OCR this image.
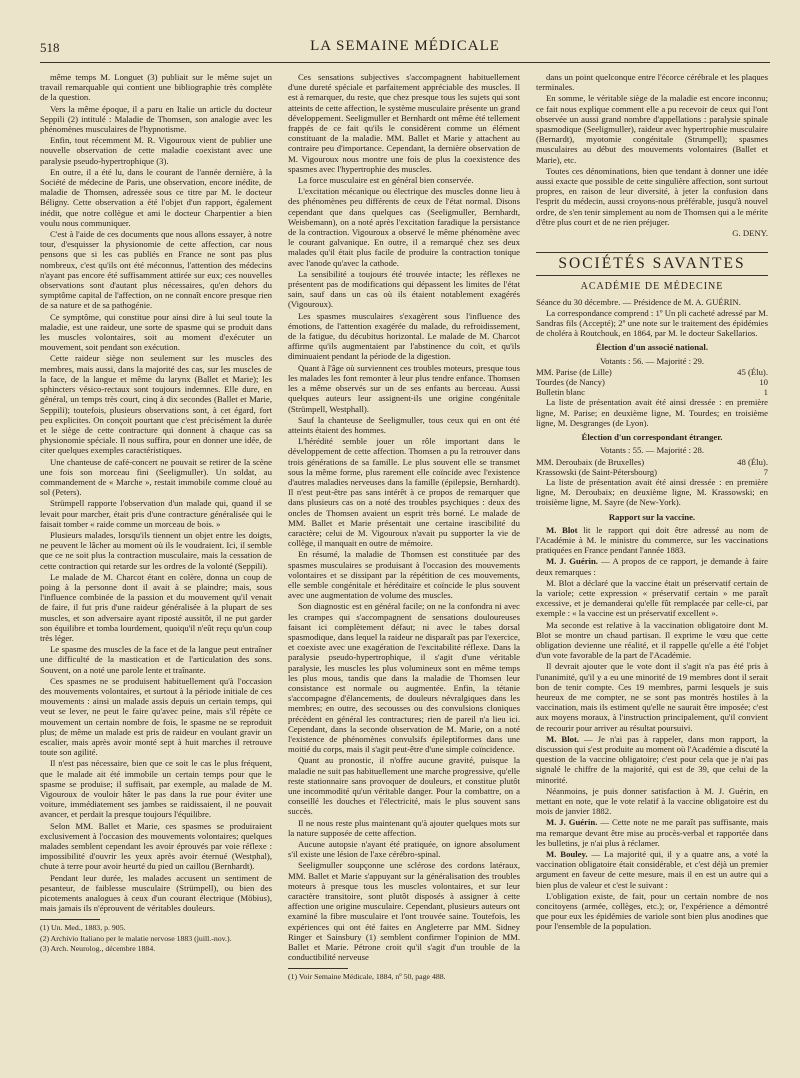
518	LA SEMAINE MÉDICALE

même temps M. Longuet (3) publiait sur le même sujet un travail remarquable qui contient une bibliographie très complète de la question.

Vers la même époque, il a paru en Italie un article du docteur Seppili (2) intitulé : Maladie de Thomsen, son analogie avec les phénomènes musculaires de l'hypnotisme.

Enfin, tout récemment M. R. Vigouroux vient de publier une nouvelle observation de cette maladie coexistant avec une paralysie pseudo-hypertrophique (3).

En outre, il a été lu, dans le courant de l'année dernière, à la Société de médecine de Paris, une observation, encore inédite, de maladie de Thomsen, adressée sous ce titre par M. le docteur Béligny. Cette observation a été l'objet d'un rapport, également inédit, que notre collègue et ami le docteur Charpentier a bien voulu nous communiquer.

C'est à l'aide de ces documents que nous allons essayer, à notre tour, d'esquisser la physionomie de cette affection, car nous pensons que si les cas publiés en France ne sont pas plus nombreux, c'est qu'ils ont été méconnus, l'attention des médecins n'ayant pas encore été suffisamment attirée sur eux; ces nouvelles observations sont d'autant plus nécessaires, qu'en dehors du symptôme capital de l'affection, on ne connaît encore presque rien de sa nature et de sa pathogénie.

Ce symptôme, qui constitue pour ainsi dire à lui seul toute la maladie, est une raideur, une sorte de spasme qui se produit dans les muscles volontaires, soit au moment d'exécuter un mouvement, soit pendant son exécution.

Cette raideur siège non seulement sur les muscles des membres, mais aussi, dans la majorité des cas, sur les muscles de la face, de la langue et même du larynx (Ballet et Marie); les sphincters vésico-rectaux sont toujours indemnes. Elle dure, en général, un temps très court, cinq à dix secondes (Ballet et Marie, Seppili); toutefois, plusieurs observations sont, à cet égard, fort peu explicites. On conçoit pourtant que c'est précisément la durée et le siège de cette contracture qui donnent à chaque cas sa physionomie spéciale. Il nous suffira, pour en donner une idée, de citer quelques exemples caractéristiques.

Une chanteuse de café-concert ne pouvait se retirer de la scène une fois son morceau fini (Seeligmuller). Un soldat, au commandement de « Marche », restait immobile comme cloué au sol (Peters).

Strümpell rapporte l'observation d'un malade qui, quand il se levait pour marcher, était pris d'une contracture généralisée qui le faisait tomber « raide comme un morceau de bois. »

Plusieurs malades, lorsqu'ils tiennent un objet entre les doigts, ne peuvent le lâcher au moment où ils le voudraient. Ici, il semble que ce ne soit plus la contraction musculaire, mais la cessation de cette contraction qui retarde sur les ordres de la volonté (Seppili).

Le malade de M. Charcot étant en colère, donna un coup de poing à la personne dont il avait à se plaindre; mais, sous l'influence combinée de la passion et du mouvement qu'il venait de faire, il fut pris d'une raideur généralisée à la plupart de ses muscles, et son adversaire ayant riposté aussitôt, il ne put garder son équilibre et tomba lourdement, quoiqu'il n'eût reçu qu'un coup très léger.

Le spasme des muscles de la face et de la langue peut entraîner une difficulté de la mastication et de l'articulation des sons. Souvent, on a noté une parole lente et traînante.

Ces spasmes ne se produisent habituellement qu'à l'occasion des mouvements volontaires, et surtout à la période initiale de ces mouvements : ainsi un malade assis depuis un certain temps, qui veut se lever, ne peut le faire qu'avec peine, mais s'il répète ce mouvement un certain nombre de fois, le spasme ne se reproduit plus; de même un malade est pris de raideur en voulant gravir un escalier, mais après avoir monté sept à huit marches il retrouve toute son agilité.

Il n'est pas nécessaire, bien que ce soit le cas le plus fréquent, que le malade ait été immobile un certain temps pour que le spasme se produise; il suffisait, par exemple, au malade de M. Vigouroux de vouloir hâter le pas dans la rue pour éviter une voiture, immédiatement ses jambes se raidissaient, il ne pouvait avancer, et perdait la presque toujours l'équilibre.

Selon MM. Ballet et Marie, ces spasmes se produiraient exclusivement à l'occasion des mouvements volontaires; quelques malades semblent cependant les avoir éprouvés par voie réflexe : impossibilité d'ouvrir les yeux après avoir éternué (Westphal), chute à terre pour avoir heurté du pied un caillou (Bernhardt).

Pendant leur durée, les malades accusent un sentiment de pesanteur, de faiblesse musculaire (Strümpell), ou bien des picotements analogues à ceux d'un courant électrique (Möbius), mais jamais ils n'éprouvent de véritables douleurs.

(1) Un. Med., 1883, p. 905.

(2) Archivio Italiano per le malatie nervose 1883 (juill.-nov.).

(3) Arch. Neurolog., décembre 1884.

Ces sensations subjectives s'accompagnent habituellement d'une dureté spéciale et parfaitement appréciable des muscles. Il est à remarquer, du reste, que chez presque tous les sujets qui sont atteints de cette affection, le système musculaire présente un grand développement. Seeligmuller et Bernhardt ont même été tellement frappés de ce fait qu'ils le considèrent comme un élément constituant de la maladie. MM. Ballet et Marie y attachent au contraire peu d'importance. Cependant, la dernière observation de M. Vigouroux nous montre une fois de plus la coexistence des spasmes avec l'hypertrophie des muscles.

La force musculaire est en général bien conservée.

L'excitation mécanique ou électrique des muscles donne lieu à des phénomènes peu différents de ceux de l'état normal. Disons cependant que dans quelques cas (Seeligmuller, Bernhardt, Weisbemann), on a noté après l'excitation faradique la persistance de la contraction. Vigouroux a observé le même phénomène avec le courant galvanique. En outre, il a remarqué chez ses deux malades qu'il était plus facile de produire la contraction tonique avec l'anode qu'avec la cathode.

La sensibilité a toujours été trouvée intacte; les réflexes ne présentent pas de modifications qui dépassent les limites de l'état sain, sauf dans un cas où ils étaient notablement exagérés (Vigouroux).

Les spasmes musculaires s'exagèrent sous l'influence des émotions, de l'attention exagérée du malade, du refroidissement, de la fatigue, du décubitus horizontal. Le malade de M. Charcot affirme qu'ils augmentaient par l'abstinence du coït, et qu'ils diminuaient pendant la période de la digestion.

Quant à l'âge où surviennent ces troubles moteurs, presque tous les malades les font remonter à leur plus tendre enfance. Thomsen les a même observés sur un de ses enfants au berceau. Aussi quelques auteurs leur assignent-ils une origine congénitale (Strümpell, Westphall).

Sauf la chanteuse de Seeligmuller, tous ceux qui en ont été atteints étaient des hommes.

L'hérédité semble jouer un rôle important dans le développement de cette affection. Thomsen a pu la retrouver dans trois générations de sa famille. Le plus souvent elle se transmet sous la même forme, plus rarement elle coïncide avec l'existence d'autres maladies nerveuses dans la famille (épilepsie, Bernhardt). Il n'est peut-être pas sans intérêt à ce propos de remarquer que dans plusieurs cas on a noté des troubles psychiques : deux des oncles de Thomsen avaient un esprit très borné. Le malade de MM. Ballet et Marie présentait une certaine irascibilité du caractère; celui de M. Vigouroux n'avait pu supporter la vie de collège, il manquait en outre de mémoire.

En résumé, la maladie de Thomsen est constituée par des spasmes musculaires se produisant à l'occasion des mouvements volontaires et se dissipant par la répétition de ces mouvements, elle semble congénitale et héréditaire et coïncide le plus souvent avec une augmentation de volume des muscles.

Son diagnostic est en général facile; on ne la confondra ni avec les crampes qui s'accompagnent de sensations douloureuses faisant ici complètement défaut; ni avec le tabes dorsal spasmodique, dans lequel la raideur ne disparaît pas par l'exercice, et coexiste avec une exagération de l'excitabilité réflexe. Dans la paralysie pseudo-hypertrophique, il s'agit d'une véritable paralysie, les muscles les plus volumineux sont en même temps les plus mous, tandis que dans la maladie de Thomsen leur consistance est normale ou augmentée. Enfin, la tétanie s'accompagne d'élancements, de douleurs névralgiques dans les membres; en outre, des secousses ou des convulsions cloniques précèdent en général les contractures; rien de pareil n'a lieu ici. Cependant, dans la seconde observation de M. Marie, on a noté l'existence de phénomènes convulsifs épileptiformes dans une moitié du corps, mais il s'agit peut-être d'une simple coïncidence.

Quant au pronostic, il n'offre aucune gravité, puisque la maladie ne suit pas habituellement une marche progressive, qu'elle reste stationnaire sans provoquer de douleurs, et constitue plutôt une incommodité qu'un véritable danger. Pour la combattre, on a conseillé les douches et l'électricité, mais le plus souvent sans succès.

Il ne nous reste plus maintenant qu'à ajouter quelques mots sur la nature supposée de cette affection.

Aucune autopsie n'ayant été pratiquée, on ignore absolument s'il existe une lésion de l'axe cérébro-spinal.

Seeligmuller soupçonne une sclérose des cordons latéraux, MM. Ballet et Marie s'appuyant sur la généralisation des troubles moteurs à presque tous les muscles volontaires, et sur leur caractère transitoire, sont plutôt disposés à assigner à cette affection une origine musculaire. Cependant, plusieurs auteurs ont examiné la fibre musculaire et l'ont trouvée saine. Toutefois, les expériences qui ont été faites en Angleterre par MM. Sidney Ringer et Sainsbury (1) semblent confirmer l'opinion de MM. Ballet et Marie. Pétrone croit qu'il s'agit d'un trouble de la conductibilité nerveuse

(1) Voir Semaine Médicale, 1884, nº 50, page 488.

dans un point quelconque entre l'écorce cérébrale et les plaques terminales.

En somme, le véritable siège de la maladie est encore inconnu; ce fait nous explique comment elle a pu recevoir de ceux qui l'ont observée un aussi grand nombre d'appellations : paralysie spinale spasmodique (Seeligmuller), raideur avec hypertrophie musculaire (Bernardt), myotomie congénitale (Strumpell); spasmes musculaires au début des mouvements volontaires (Ballet et Marie), etc.

Toutes ces dénominations, bien que tendant à donner une idée aussi exacte que possible de cette singulière affection, sont surtout propres, en raison de leur diversité, à jeter la confusion dans l'esprit du médecin, aussi croyons-nous préférable, jusqu'à nouvel ordre, de s'en tenir simplement au nom de Thomsen qui a le mérite d'être plus court et de ne rien préjuger.

G. DENY.

SOCIÉTÉS SAVANTES
ACADÉMIE DE MÉDECINE

Séance du 30 décembre. — Présidence de M. A. GUÉRIN.

La correspondance comprend : 1º Un pli cacheté adressé par M. Sandras fils (Accepté); 2º une note sur le traitement des épidémies de choléra à Routchouk, en 1864, par M. le docteur Sakellarios.

Élection d'un associé national.

Votants : 56. — Majorité : 29.

MM. Parise (de Lille)	45 (Élu).
Tourdes (de Nancy)	10
Bulletin blanc	1

La liste de présentation avait été ainsi dressée : en première ligne, M. Parise; en deuxième ligne, M. Tourdes; en troisième ligne, M. Desgranges (de Lyon).

Élection d'un correspondant étranger.

Votants : 55. — Majorité : 28.

MM. Deroubaix (de Bruxelles)	48 (Élu).
Krassowski (de Saint-Pétersbourg)	7

La liste de présentation avait été ainsi dressée : en première ligne, M. Deroubaix; en deuxième ligne, M. Krassowski; en troisième ligne, M. Sayre (de New-York).

Rapport sur la vaccine.

M. Blot lit le rapport qui doit être adressé au nom de l'Académie à M. le ministre du commerce, sur les vaccinations pratiquées en France pendant l'année 1883.

M. J. Guérin. — A propos de ce rapport, je demande à faire deux remarques :

M. Blot a déclaré que la vaccine était un préservatif certain de la variole; cette expression « préservatif certain » me paraît excessive, et je demanderai qu'elle fût remplacée par celle-ci, par exemple : « la vaccine est un préservatif excellent ».

Ma seconde est relative à la vaccination obligatoire dont M. Blot se montre un chaud partisan. Il exprime le vœu que cette obligation devienne une réalité, et il rappelle qu'elle a été l'objet d'un vote favorable de la part de l'Académie.

Il devrait ajouter que le vote dont il s'agit n'a pas été pris à l'unanimité, qu'il y a eu une minorité de 19 membres dont il serait bon de tenir compte. Ces 19 membres, parmi lesquels je suis heureux de me compter, ne se sont pas montrés hostiles à la vaccination, mais ils estiment qu'elle ne saurait être imposée; c'est aux moyens moraux, à l'instruction principalement, qu'il convient de recourir pour arriver au résultat poursuivi.

M. Blot. — Je n'ai pas à rappeler, dans mon rapport, la discussion qui s'est produite au moment où l'Académie a discuté la question de la vaccine obligatoire; c'est pour cela que je n'ai pas signalé le chiffre de la majorité, qui est de 39, que celui de la minorité.

Néanmoins, je puis donner satisfaction à M. J. Guérin, en mettant en note, que le vote relatif à la vaccine obligatoire est du mois de janvier 1882.

M. J. Guérin. — Cette note ne me paraît pas suffisante, mais ma remarque devant être mise au procès-verbal et rapportée dans les bulletins, je n'ai plus à réclamer.

M. Bouley. — La majorité qui, il y a quatre ans, a voté la vaccination obligatoire était considérable, et c'est déjà un premier argument en faveur de cette mesure, mais il en est un autre qui a bien plus de valeur et c'est le suivant :

L'obligation existe, de fait, pour un certain nombre de nos concitoyens (armée, collèges, etc.); or, l'expérience a démontré que pour eux les épidémies de variole sont bien plus anodines que pour l'ensemble de la population.
